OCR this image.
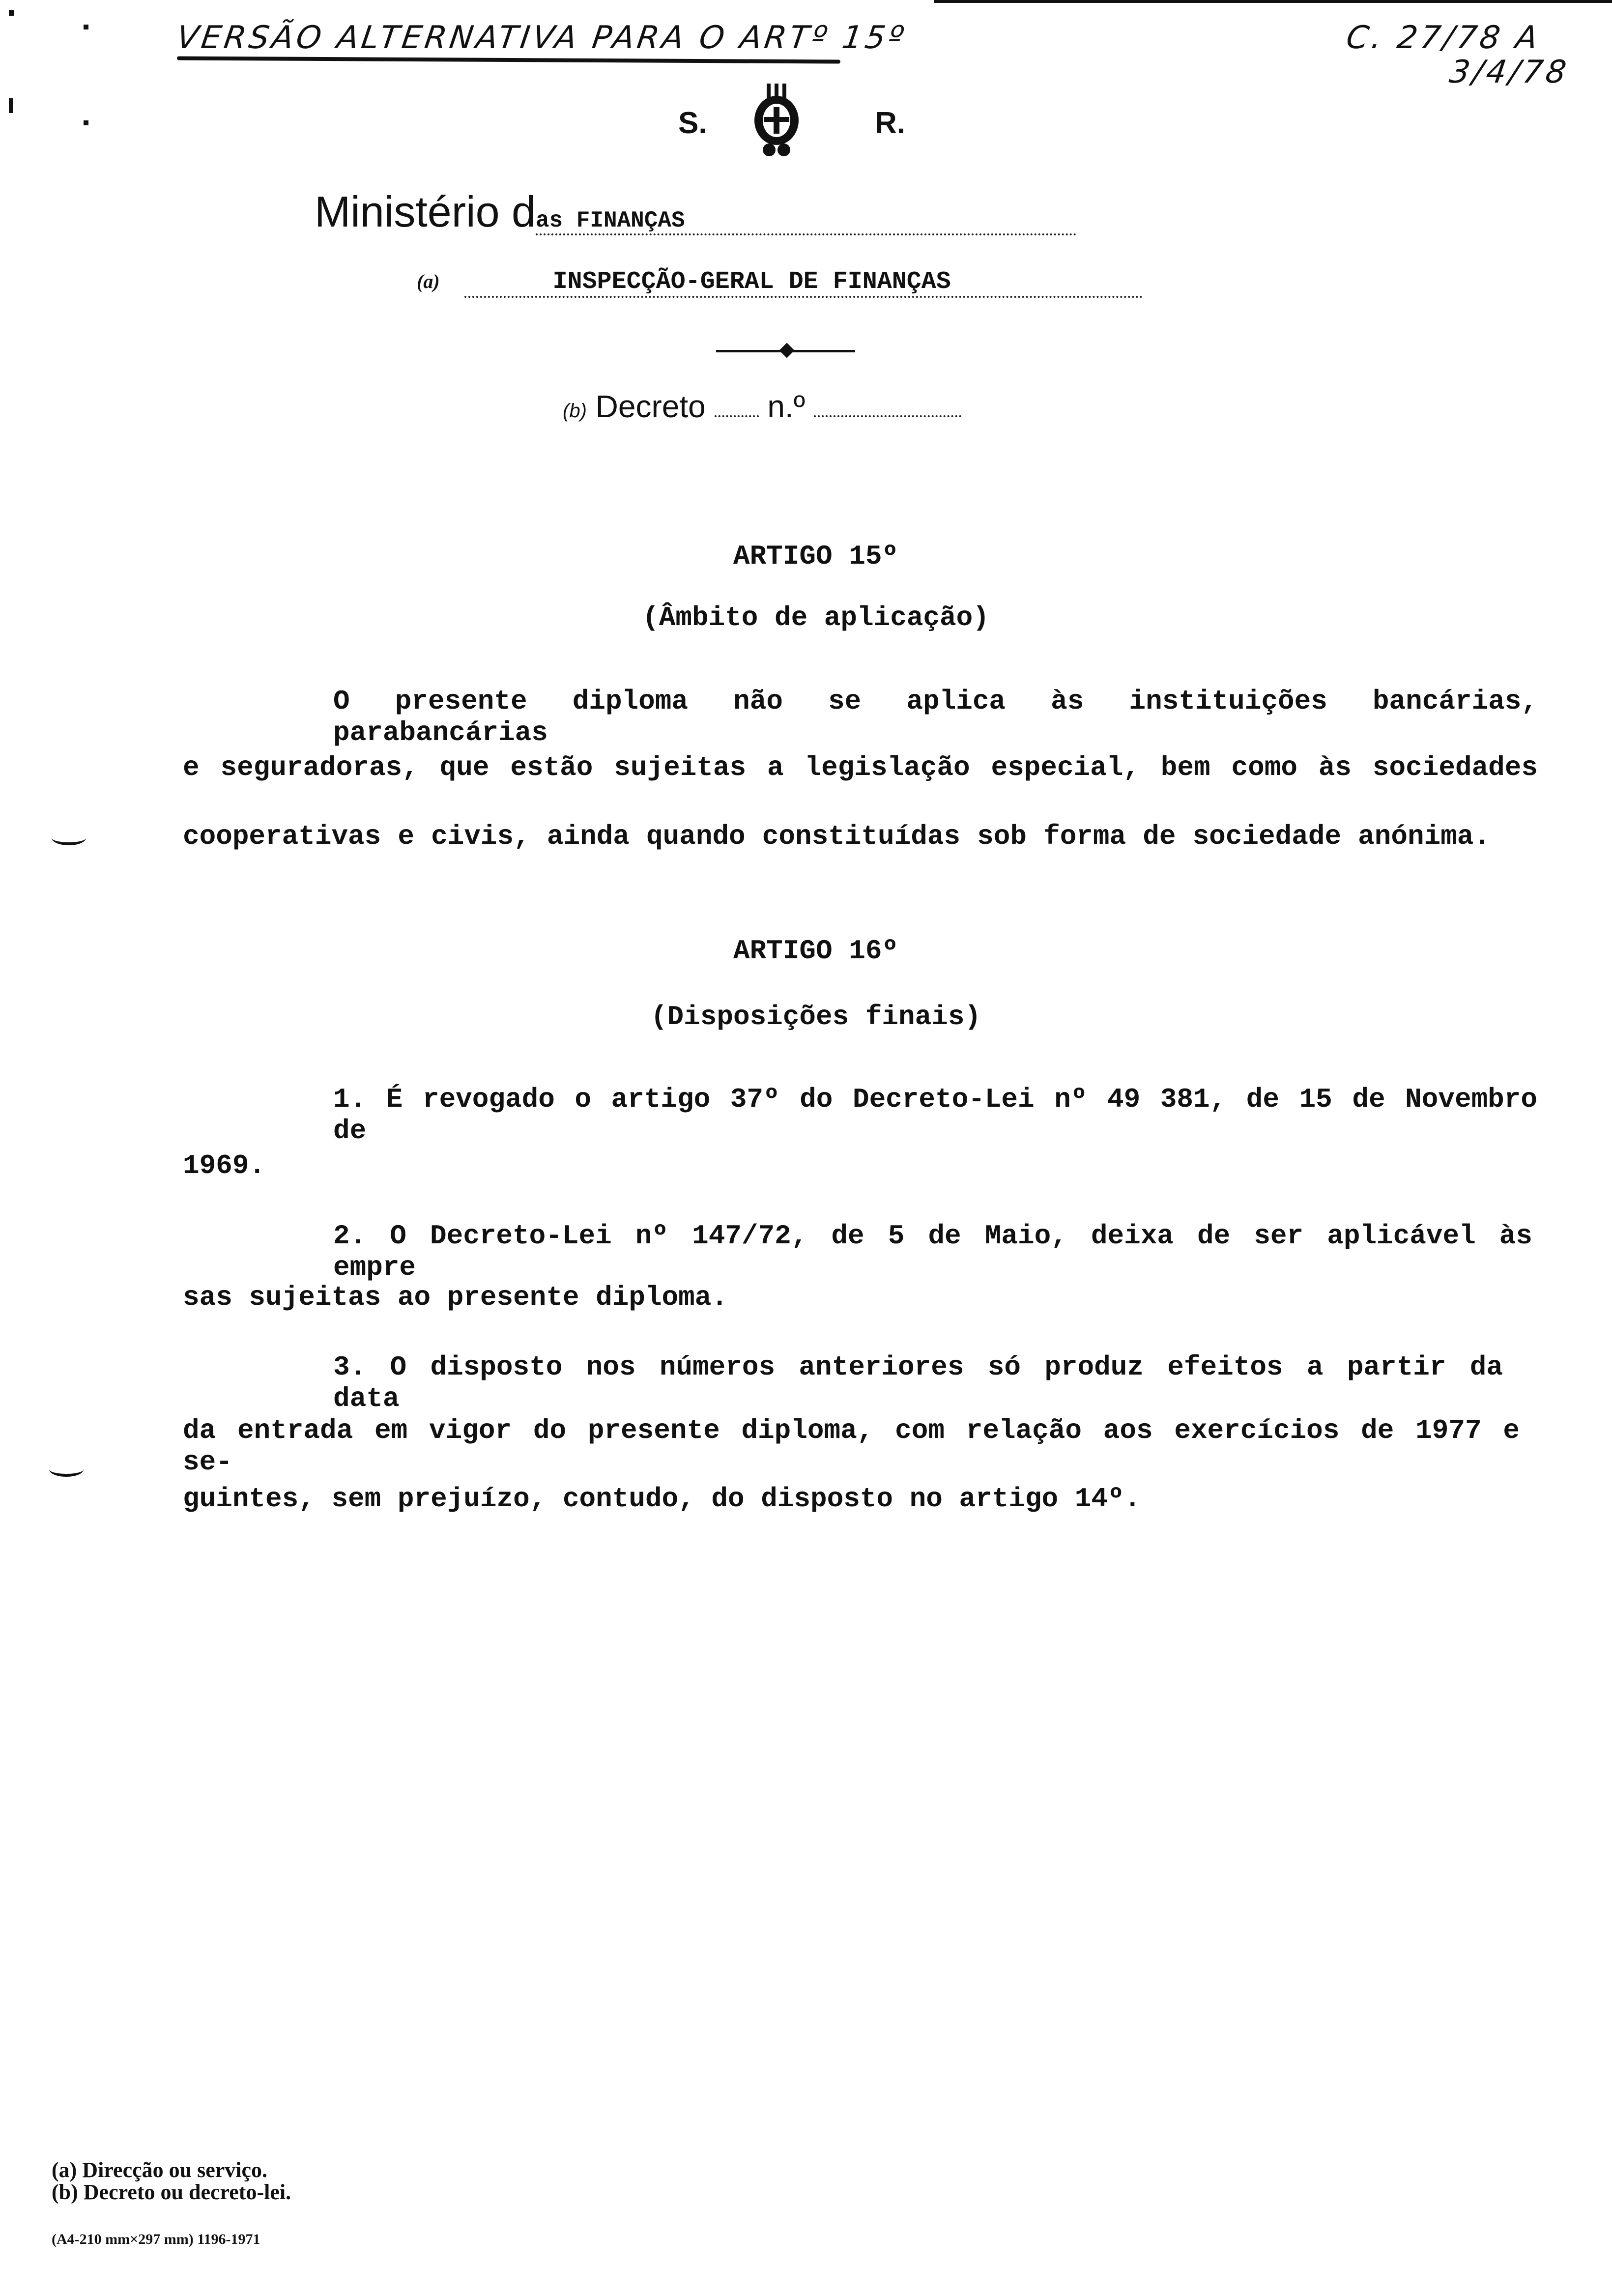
VERSÃO ALTERNATIVA PARA O ARTº 15º	C. 27/78 A
3/4/78
S.	R.
Ministério das FINANÇAS
(a)	INSPECÇÃO-GERAL DE FINANÇAS
(b) Decreto n.º
ARTIGO 15º
(Âmbito de aplicação)
O presente diploma não se aplica às instituições bancárias, parabancárias
e seguradoras, que estão sujeitas a legislação especial, bem como às sociedades
cooperativas e civis, ainda quando constituídas sob forma de sociedade anónima.
ARTIGO 16º
(Disposições finais)
1. É revogado o artigo 37º do Decreto-Lei nº 49 381, de 15 de Novembro de
1969.
2. O Decreto-Lei nº 147/72, de 5 de Maio, deixa de ser aplicável às empre
sas sujeitas ao presente diploma.
3. O disposto nos números anteriores só produz efeitos a partir da data
da entrada em vigor do presente diploma, com relação aos exercícios de 1977 e se-
guintes, sem prejuízo, contudo, do disposto no artigo 14º.
(a) Direcção ou serviço.
(b) Decreto ou decreto-lei.
(A4-210 mm×297 mm) 1196-1971
